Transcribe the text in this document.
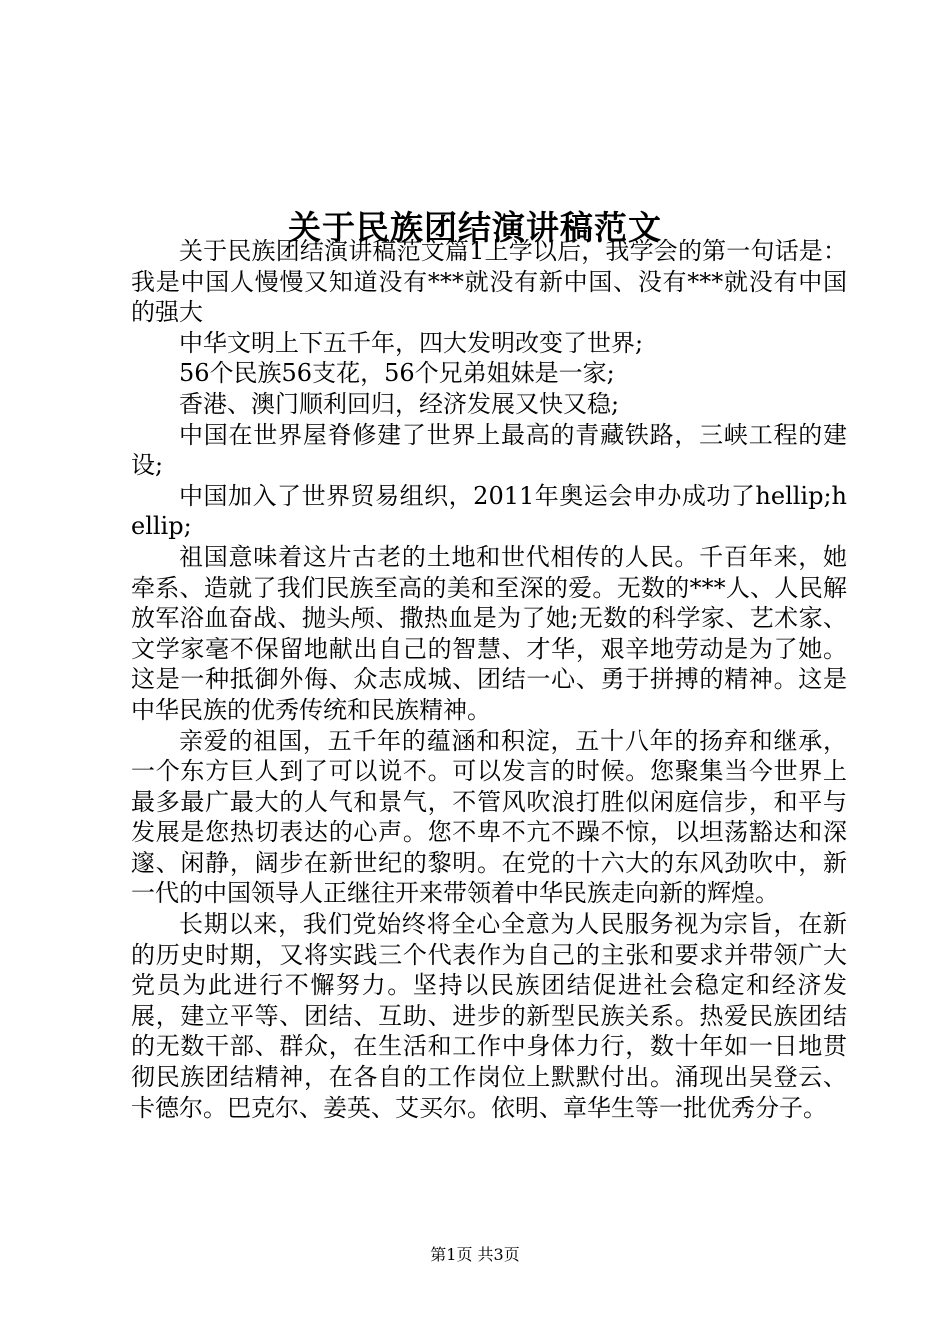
关于民族团结演讲稿范文

关于民族团结演讲稿范文篇1上学以后，我学会的第一句话是：我是中国人慢慢又知道没有***就没有新中国、没有***就没有中国的强大

中华文明上下五千年，四大发明改变了世界;

56个民族56支花，56个兄弟姐妹是一家;

香港、澳门顺利回归，经济发展又快又稳;

中国在世界屋脊修建了世界上最高的青藏铁路，三峡工程的建设;

中国加入了世界贸易组织，2011年奥运会申办成功了hellip;hellip;

祖国意味着这片古老的土地和世代相传的人民。千百年来，她牵系、造就了我们民族至高的美和至深的爱。无数的***人、人民解放军浴血奋战、抛头颅、撒热血是为了她;无数的科学家、艺术家、文学家毫不保留地献出自己的智慧、才华，艰辛地劳动是为了她。这是一种抵御外侮、众志成城、团结一心、勇于拼搏的精神。这是中华民族的优秀传统和民族精神。

亲爱的祖国，五千年的蕴涵和积淀，五十八年的扬弃和继承，一个东方巨人到了可以说不。可以发言的时候。您聚集当今世界上最多最广最大的人气和景气，不管风吹浪打胜似闲庭信步，和平与发展是您热切表达的心声。您不卑不亢不躁不惊，以坦荡豁达和深邃、闲静，阔步在新世纪的黎明。在党的十六大的东风劲吹中，新一代的中国领导人正继往开来带领着中华民族走向新的辉煌。

长期以来，我们党始终将全心全意为人民服务视为宗旨，在新的历史时期，又将实践三个代表作为自己的主张和要求并带领广大党员为此进行不懈努力。坚持以民族团结促进社会稳定和经济发展，建立平等、团结、互助、进步的新型民族关系。热爱民族团结的无数干部、群众，在生活和工作中身体力行，数十年如一日地贯彻民族团结精神，在各自的工作岗位上默默付出。涌现出吴登云、卡德尔。巴克尔、姜英、艾买尔。依明、章华生等一批优秀分子。

第1页 共3页
